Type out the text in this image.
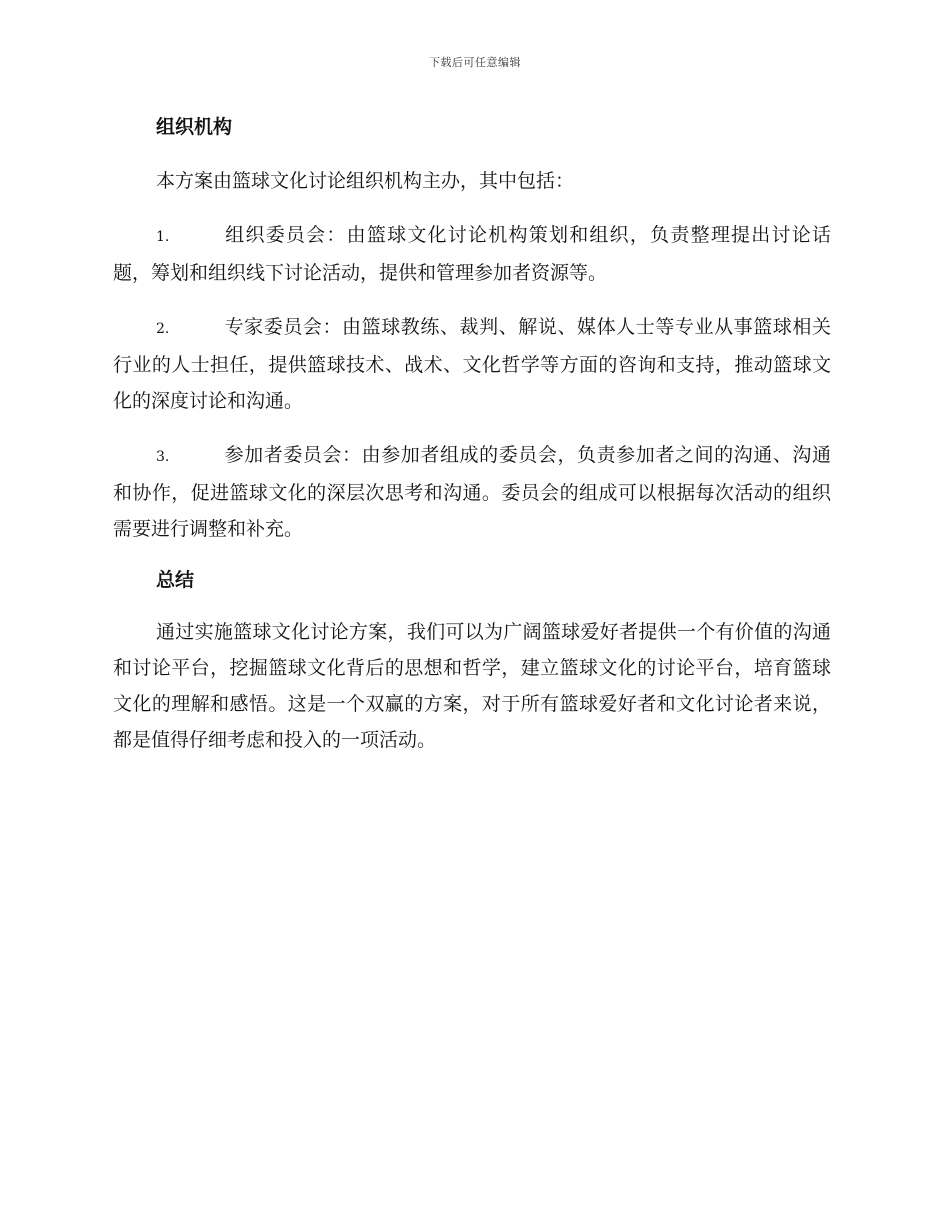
下载后可任意编辑
组织机构

本方案由篮球文化讨论组织机构主办，其中包括：

1.	组织委员会：由篮球文化讨论机构策划和组织，负责整理提出讨论话题，筹划和组织线下讨论活动，提供和管理参加者资源等。

2.	专家委员会：由篮球教练、裁判、解说、媒体人士等专业从事篮球相关行业的人士担任，提供篮球技术、战术、文化哲学等方面的咨询和支持，推动篮球文化的深度讨论和沟通。

3.	参加者委员会：由参加者组成的委员会，负责参加者之间的沟通、沟通和协作，促进篮球文化的深层次思考和沟通。委员会的组成可以根据每次活动的组织需要进行调整和补充。

总结

通过实施篮球文化讨论方案，我们可以为广阔篮球爱好者提供一个有价值的沟通和讨论平台，挖掘篮球文化背后的思想和哲学，建立篮球文化的讨论平台，培育篮球文化的理解和感悟。这是一个双赢的方案，对于所有篮球爱好者和文化讨论者来说，都是值得仔细考虑和投入的一项活动。
